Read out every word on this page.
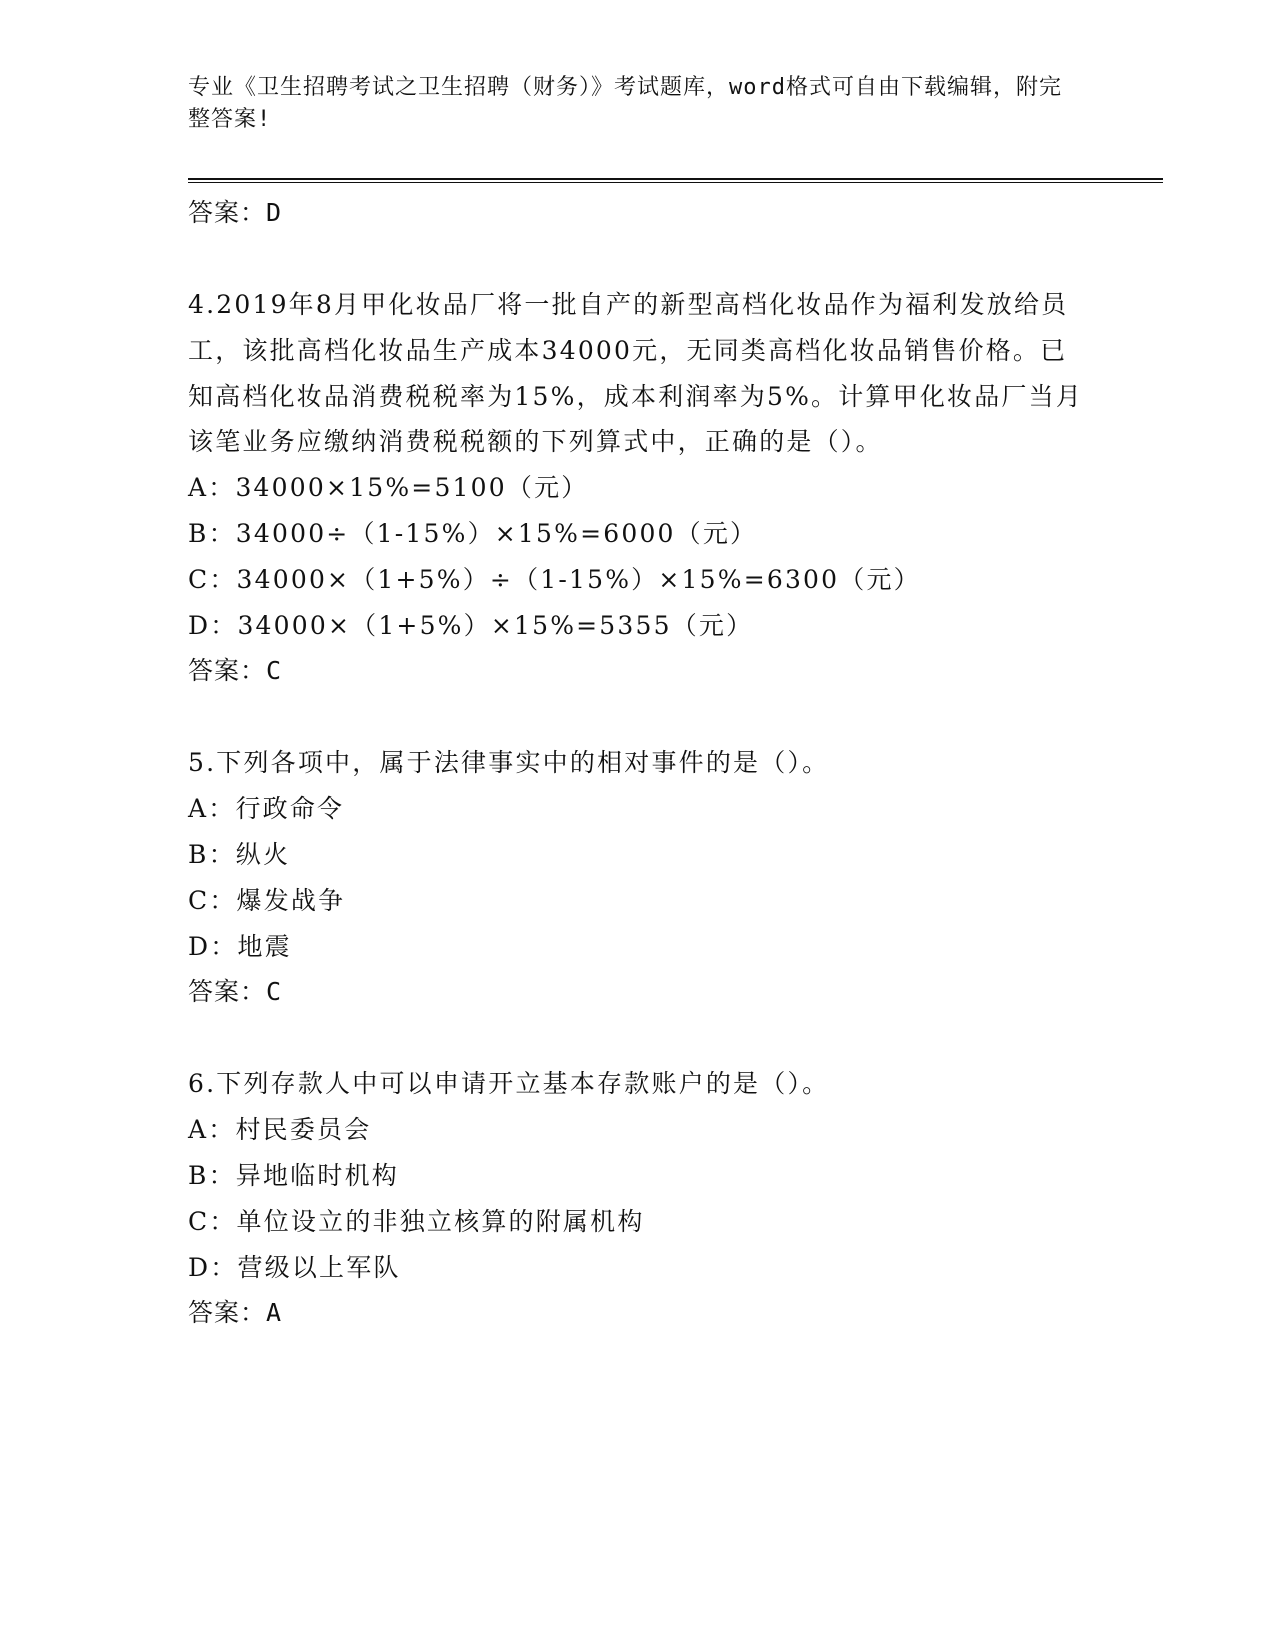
专业《卫生招聘考试之卫生招聘（财务）》考试题库，word格式可自由下载编辑，附完整答案!
答案：D
4.2019年8月甲化妆品厂将一批自产的新型高档化妆品作为福利发放给员工，该批高档化妆品生产成本34000元，无同类高档化妆品销售价格。已知高档化妆品消费税税率为15%，成本利润率为5%。计算甲化妆品厂当月该笔业务应缴纳消费税税额的下列算式中，正确的是（）。
A：34000×15%=5100（元）
B：34000÷（1-15%）×15%=6000（元）
C：34000×（1+5%）÷（1-15%）×15%=6300（元）
D：34000×（1+5%）×15%=5355（元）
答案：C
5.下列各项中，属于法律事实中的相对事件的是（）。
A：行政命令
B：纵火
C：爆发战争
D：地震
答案：C
6.下列存款人中可以申请开立基本存款账户的是（）。
A：村民委员会
B：异地临时机构
C：单位设立的非独立核算的附属机构
D：营级以上军队
答案：A
